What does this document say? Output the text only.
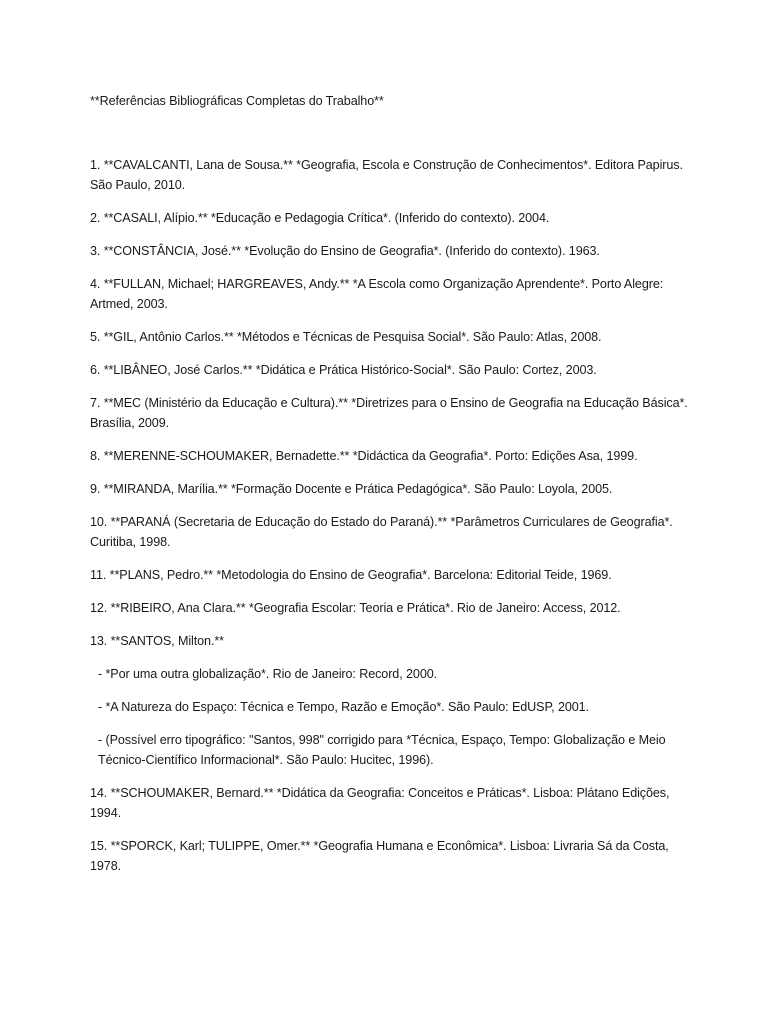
**Referências Bibliográficas Completas do Trabalho**

1. **CAVALCANTI, Lana de Sousa.** *Geografia, Escola e Construção de Conhecimentos*. Editora Papirus. São Paulo, 2010.

2. **CASALI, Alípio.** *Educação e Pedagogia Crítica*. (Inferido do contexto). 2004.

3. **CONSTÂNCIA, José.** *Evolução do Ensino de Geografia*. (Inferido do contexto). 1963.

4. **FULLAN, Michael; HARGREAVES, Andy.** *A Escola como Organização Aprendente*. Porto Alegre: Artmed, 2003.

5. **GIL, Antônio Carlos.** *Métodos e Técnicas de Pesquisa Social*. São Paulo: Atlas, 2008.

6. **LIBÂNEO, José Carlos.** *Didática e Prática Histórico-Social*. São Paulo: Cortez, 2003.

7. **MEC (Ministério da Educação e Cultura).** *Diretrizes para o Ensino de Geografia na Educação Básica*. Brasília, 2009.

8. **MERENNE-SCHOUMAKER, Bernadette.** *Didáctica da Geografia*. Porto: Edições Asa, 1999.

9. **MIRANDA, Marília.** *Formação Docente e Prática Pedagógica*. São Paulo: Loyola, 2005.

10. **PARANÁ (Secretaria de Educação do Estado do Paraná).** *Parâmetros Curriculares de Geografia*. Curitiba, 1998.

11. **PLANS, Pedro.** *Metodologia do Ensino de Geografia*. Barcelona: Editorial Teide, 1969.

12. **RIBEIRO, Ana Clara.** *Geografia Escolar: Teoria e Prática*. Rio de Janeiro: Access, 2012.

13. **SANTOS, Milton.**

- *Por uma outra globalização*. Rio de Janeiro: Record, 2000.

- *A Natureza do Espaço: Técnica e Tempo, Razão e Emoção*. São Paulo: EdUSP, 2001.

- (Possível erro tipográfico: "Santos, 998" corrigido para *Técnica, Espaço, Tempo: Globalização e Meio Técnico-Científico Informacional*. São Paulo: Hucitec, 1996).

14. **SCHOUMAKER, Bernard.** *Didática da Geografia: Conceitos e Práticas*. Lisboa: Plátano Edições, 1994.

15. **SPORCK, Karl; TULIPPE, Omer.** *Geografia Humana e Econômica*. Lisboa: Livraria Sá da Costa, 1978.
